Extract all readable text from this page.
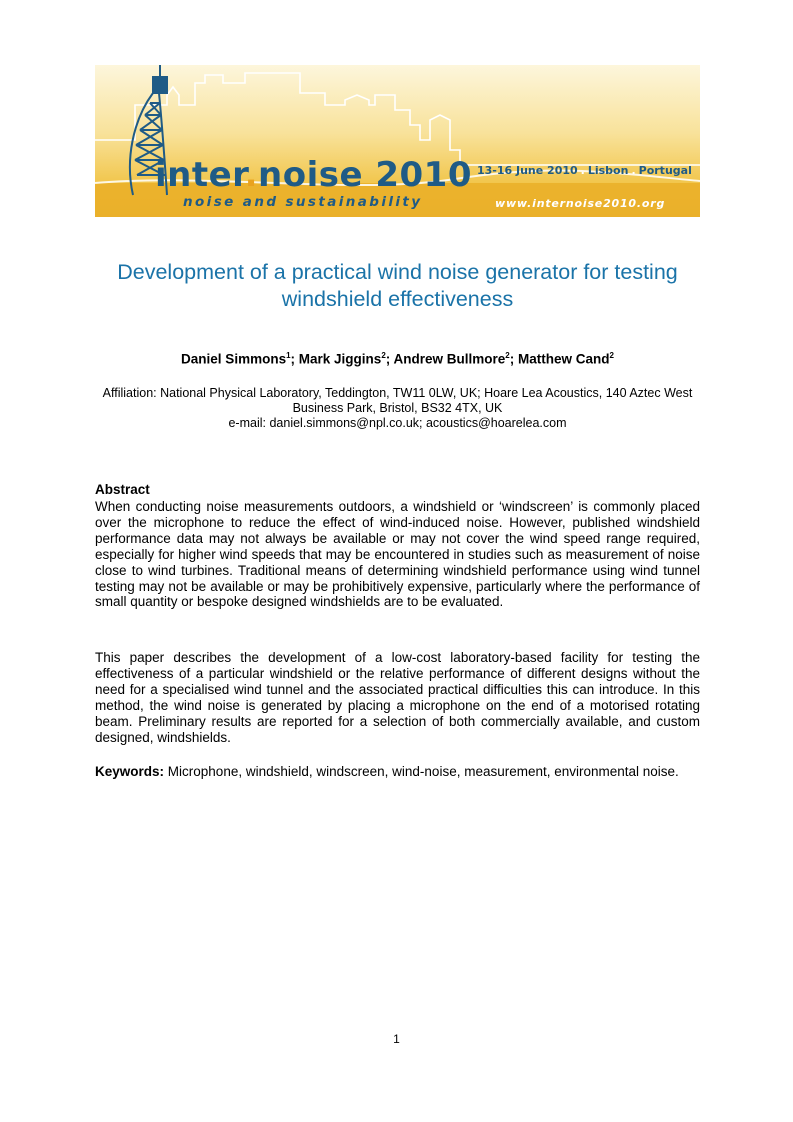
inter.noise 2010
noise and sustainability
13-16 June 2010 . Lisbon . Portugal
www.internoise2010.org
Development of a practical wind noise generator for testing windshield effectiveness

Daniel Simmons$^1$; Mark Jiggins$^2$; Andrew Bullmore$^2$; Matthew Cand$^2$

Affiliation: National Physical Laboratory, Teddington, TW11 0LW, UK; Hoare Lea Acoustics, 140 Aztec West Business Park, Bristol, BS32 4TX, UK
e-mail: daniel.simmons@npl.co.uk; acoustics@hoarelea.com
Abstract

When conducting noise measurements outdoors, a windshield or ‘windscreen’ is commonly placed over the microphone to reduce the effect of wind-induced noise. However, published windshield performance data may not always be available or may not cover the wind speed range required, especially for higher wind speeds that may be encountered in studies such as measurement of noise close to wind turbines. Traditional means of determining windshield performance using wind tunnel testing may not be available or may be prohibitively expensive, particularly where the performance of small quantity or bespoke designed windshields are to be evaluated.

This paper describes the development of a low-cost laboratory-based facility for testing the effectiveness of a particular windshield or the relative performance of different designs without the need for a specialised wind tunnel and the associated practical difficulties this can introduce. In this method, the wind noise is generated by placing a microphone on the end of a motorised rotating beam. Preliminary results are reported for a selection of both commercially available, and custom designed, windshields.

Keywords: Microphone, windshield, windscreen, wind-noise, measurement, environmental noise.

1
